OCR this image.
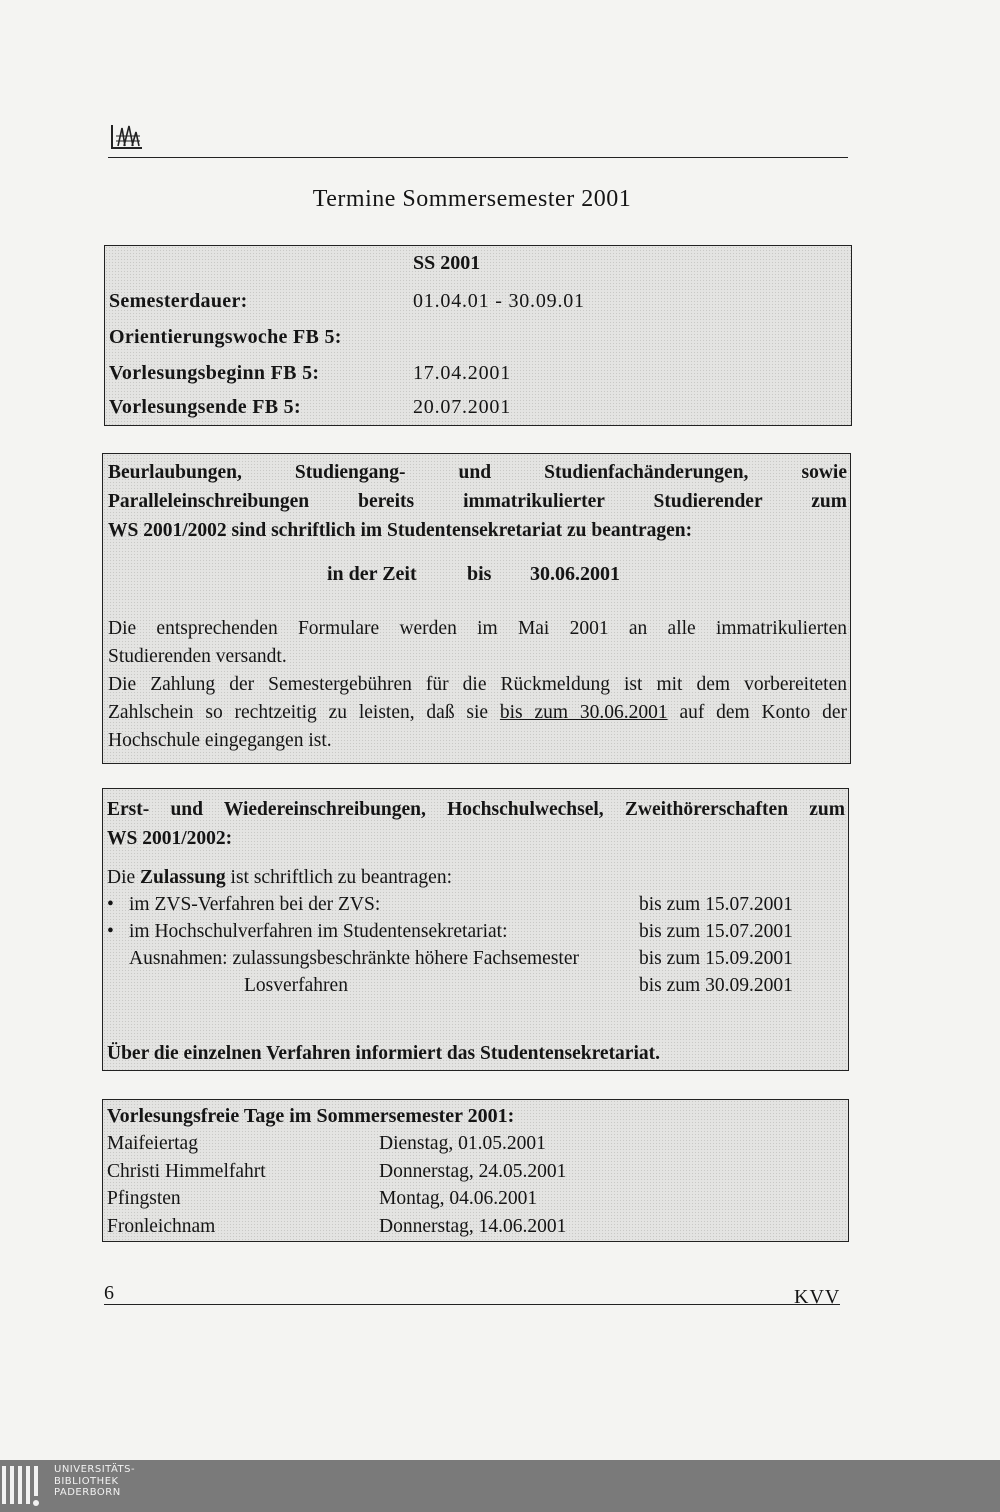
Termine Sommersemester 2001
SS 2001
Semesterdauer:	01.04.01 - 30.09.01
Orientierungswoche FB 5:
Vorlesungsbeginn FB 5:	17.04.2001
Vorlesungsende FB 5:	20.07.2001
Beurlaubungen, Studiengang- und Studienfachänderungen, sowie
Paralleleinschreibungen bereits immatrikulierter Studierender zum
WS 2001/2002 sind schriftlich im Studentensekretariat zu beantragen:
in der Zeit	bis 30.06.2001
Die entsprechenden Formulare werden im Mai 2001 an alle immatrikulierten
Studierenden versandt.
Die Zahlung der Semestergebühren für die Rückmeldung ist mit dem vorbereiteten
Zahlschein so rechtzeitig zu leisten, daß sie bis zum 30.06.2001 auf dem Konto der
Hochschule eingegangen ist.
Erst- und Wiedereinschreibungen, Hochschulwechsel, Zweithörerschaften zum
WS 2001/2002:
Die Zulassung ist schriftlich zu beantragen:
• im ZVS-Verfahren bei der ZVS:	bis zum 15.07.2001
• im Hochschulverfahren im Studentensekretariat:	bis zum 15.07.2001
Ausnahmen: zulassungsbeschränkte höhere Fachsemester	bis zum 15.09.2001
Losverfahren	bis zum 30.09.2001
Über die einzelnen Verfahren informiert das Studentensekretariat.
Vorlesungsfreie Tage im Sommersemester 2001:
Maifeiertag	Dienstag, 01.05.2001
Christi Himmelfahrt	Donnerstag, 24.05.2001
Pfingsten	Montag, 04.06.2001
Fronleichnam	Donnerstag, 14.06.2001
6	KVV
UNIVERSITÄTS-
BIBLIOTHEK
PADERBORN
